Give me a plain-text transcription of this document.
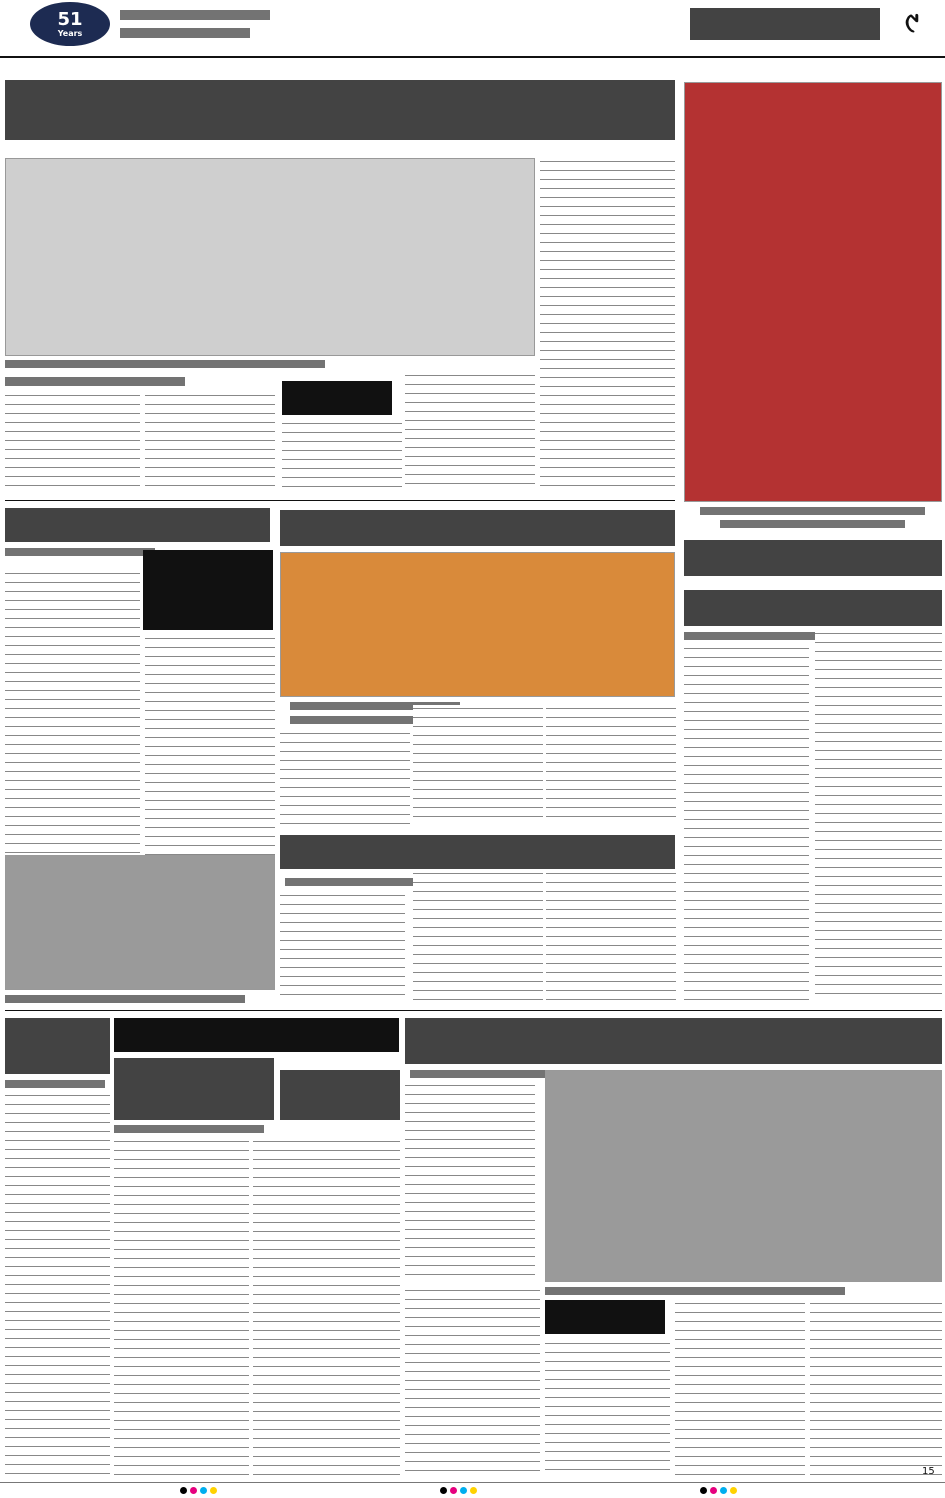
51
Years	୯
15
